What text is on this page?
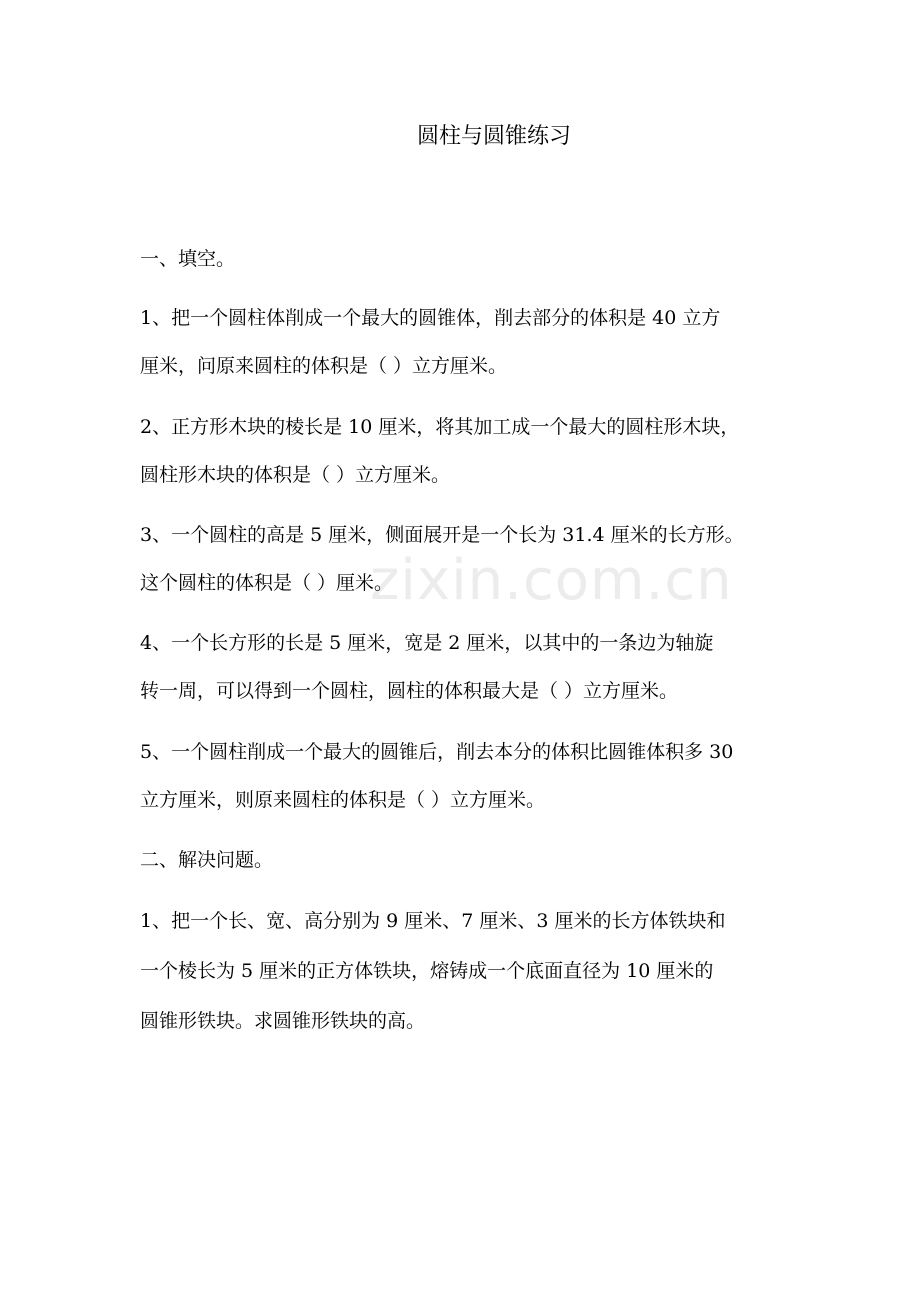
zixin.com.cn
圆柱与圆锥练习
一、填空。
1、把一个圆柱体削成一个最大的圆锥体，削去部分的体积是 40 立方
厘米，问原来圆柱的体积是（ ）立方厘米。
2、正方形木块的棱长是 10 厘米，将其加工成一个最大的圆柱形木块，
圆柱形木块的体积是（ ）立方厘米。
3、一个圆柱的高是 5 厘米，侧面展开是一个长为 31.4 厘米的长方形。
这个圆柱的体积是（ ）厘米。
4、一个长方形的长是 5 厘米，宽是 2 厘米，以其中的一条边为轴旋
转一周，可以得到一个圆柱，圆柱的体积最大是（ ）立方厘米。
5、一个圆柱削成一个最大的圆锥后，削去本分的体积比圆锥体积多 30
立方厘米，则原来圆柱的体积是（ ）立方厘米。
二、解决问题。
1、把一个长、宽、高分别为 9 厘米、7 厘米、3 厘米的长方体铁块和
一个棱长为 5 厘米的正方体铁块，熔铸成一个底面直径为 10 厘米的
圆锥形铁块。求圆锥形铁块的高。
